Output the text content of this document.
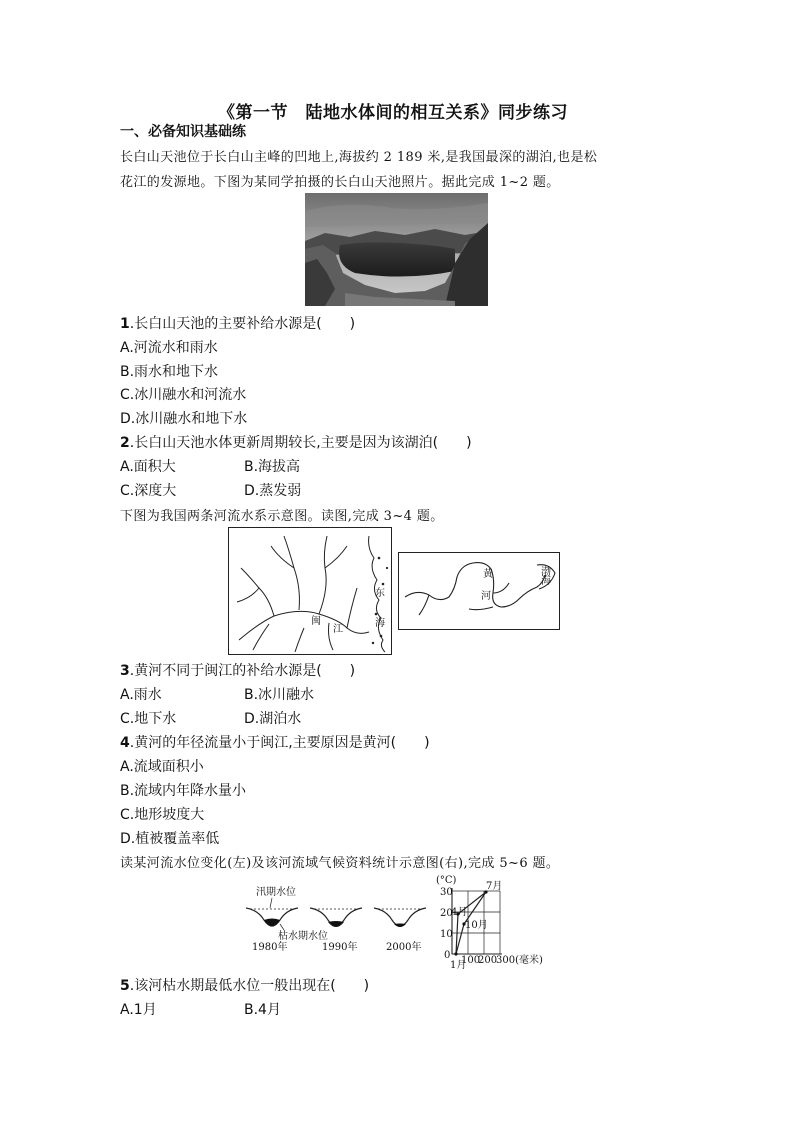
《第一节　陆地水体间的相互关系》同步练习
一、必备知识基础练
长白山天池位于长白山主峰的凹地上,海拔约 2 189 米,是我国最深的湖泊,也是松
花江的发源地。下图为某同学拍摄的长白山天池照片。据此完成 1~2 题。
1.长白山天池的主要补给水源是(　　)
A.河流水和雨水
B.雨水和地下水
C.冰川融水和河流水
D.冰川融水和地下水
2.长白山天池水体更新周期较长,主要是因为该湖泊(　　)
A.面积大	B.海拔高
C.深度大	D.蒸发弱
下图为我国两条河流水系示意图。读图,完成 3~4 题。
东
海
闽
江
黄
河
渤
海
3.黄河不同于闽江的补给水源是(　　)
A.雨水	B.冰川融水
C.地下水	D.湖泊水
4.黄河的年径流量小于闽江,主要原因是黄河(　　)
A.流域面积小
B.流域内年降水量小
C.地形坡度大
D.植被覆盖率低
读某河流水位变化(左)及该河流域气候资料统计示意图(右),完成 5~6 题。
汛期水位
枯水期水位
1980年	1990年	2000年
(°C)
30
20
10
0 100
200
300(毫米)
4月
7月
10月
1月
5.该河枯水期最低水位一般出现在(　　)
A.1月	B.4月
